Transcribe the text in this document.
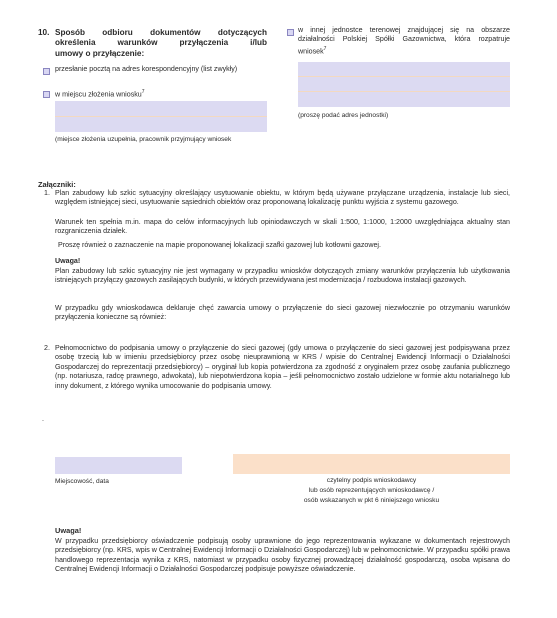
10. Sposób odbioru dokumentów dotyczących
określenia warunków przyłączenia i/lub
umowy o przyłączenie:
przesłanie pocztą na adres korespondencyjny (list zwykły)
w miejscu złożenia wniosku$^7$
(miejsce złożenia uzupełnia, pracownik przyjmujący wniosek
w innej jednostce terenowej znajdującej się na obszarze działalności Polskiej Spółki Gazownictwa, która rozpatruje wniosek$^7$
(proszę podać adres jednostki)
Załączniki:
1. Plan zabudowy lub szkic sytuacyjny określający usytuowanie obiektu, w którym będą używane przyłączane urządzenia, instalacje lub sieci, względem istniejącej sieci, usytuowanie sąsiednich obiektów oraz proponowaną lokalizację punktu wyjścia z systemu gazowego.
Warunek ten spełnia m.in. mapa do celów informacyjnych lub opiniodawczych w skali 1:500, 1:1000, 1:2000 uwzględniająca aktualny stan rozgraniczenia działek.
Proszę również o zaznaczenie na mapie proponowanej lokalizacji szafki gazowej lub kotłowni gazowej.
Uwaga!
Plan zabudowy lub szkic sytuacyjny nie jest wymagany w przypadku wniosków dotyczących zmiany warunków przyłączenia lub użytkowania istniejących przyłączy gazowych zasilających budynki, w których przewidywana jest modernizacja / rozbudowa instalacji gazowych.
W przypadku gdy wnioskodawca deklaruje chęć zawarcia umowy o przyłączenie do sieci gazowej niezwłocznie po otrzymaniu warunków przyłączenia konieczne są również:
2. Pełnomocnictwo do podpisania umowy o przyłączenie do sieci gazowej (gdy umowa o przyłączenie do sieci gazowej jest podpisywana przez osobę trzecią lub w imieniu przedsiębiorcy przez osobę nieuprawnioną w KRS / wpisie do Centralnej Ewidencji Informacji o Działalności Gospodarczej do reprezentacji przedsiębiorcy) – oryginał lub kopia potwierdzona za zgodność z oryginałem przez osobę zaufania publicznego (np. notariusza, radcę prawnego, adwokata), lub niepotwierdzona kopia – jeśli pełnomocnictwo zostało udzielone w formie aktu notarialnego lub inny dokument, z którego wynika umocowanie do podpisania umowy.
.
Miejscowość, data	czytelny podpis wnioskodawcy
lub osób reprezentujących wnioskodawcę /
osób wskazanych w pkt 6 niniejszego wniosku
Uwaga!
W przypadku przedsiębiorcy oświadczenie podpisują osoby uprawnione do jego reprezentowania wykazane w dokumentach rejestrowych przedsiębiorcy (np. KRS, wpis w Centralnej Ewidencji Informacji o Działalności Gospodarczej) lub w pełnomocnictwie. W przypadku spółki prawa handlowego reprezentacja wynika z KRS, natomiast w przypadku osoby fizycznej prowadzącej działalność gospodarczą, osoba wpisana do Centralnej Ewidencji Informacji o Działalności Gospodarczej podpisuje powyższe oświadczenie.
